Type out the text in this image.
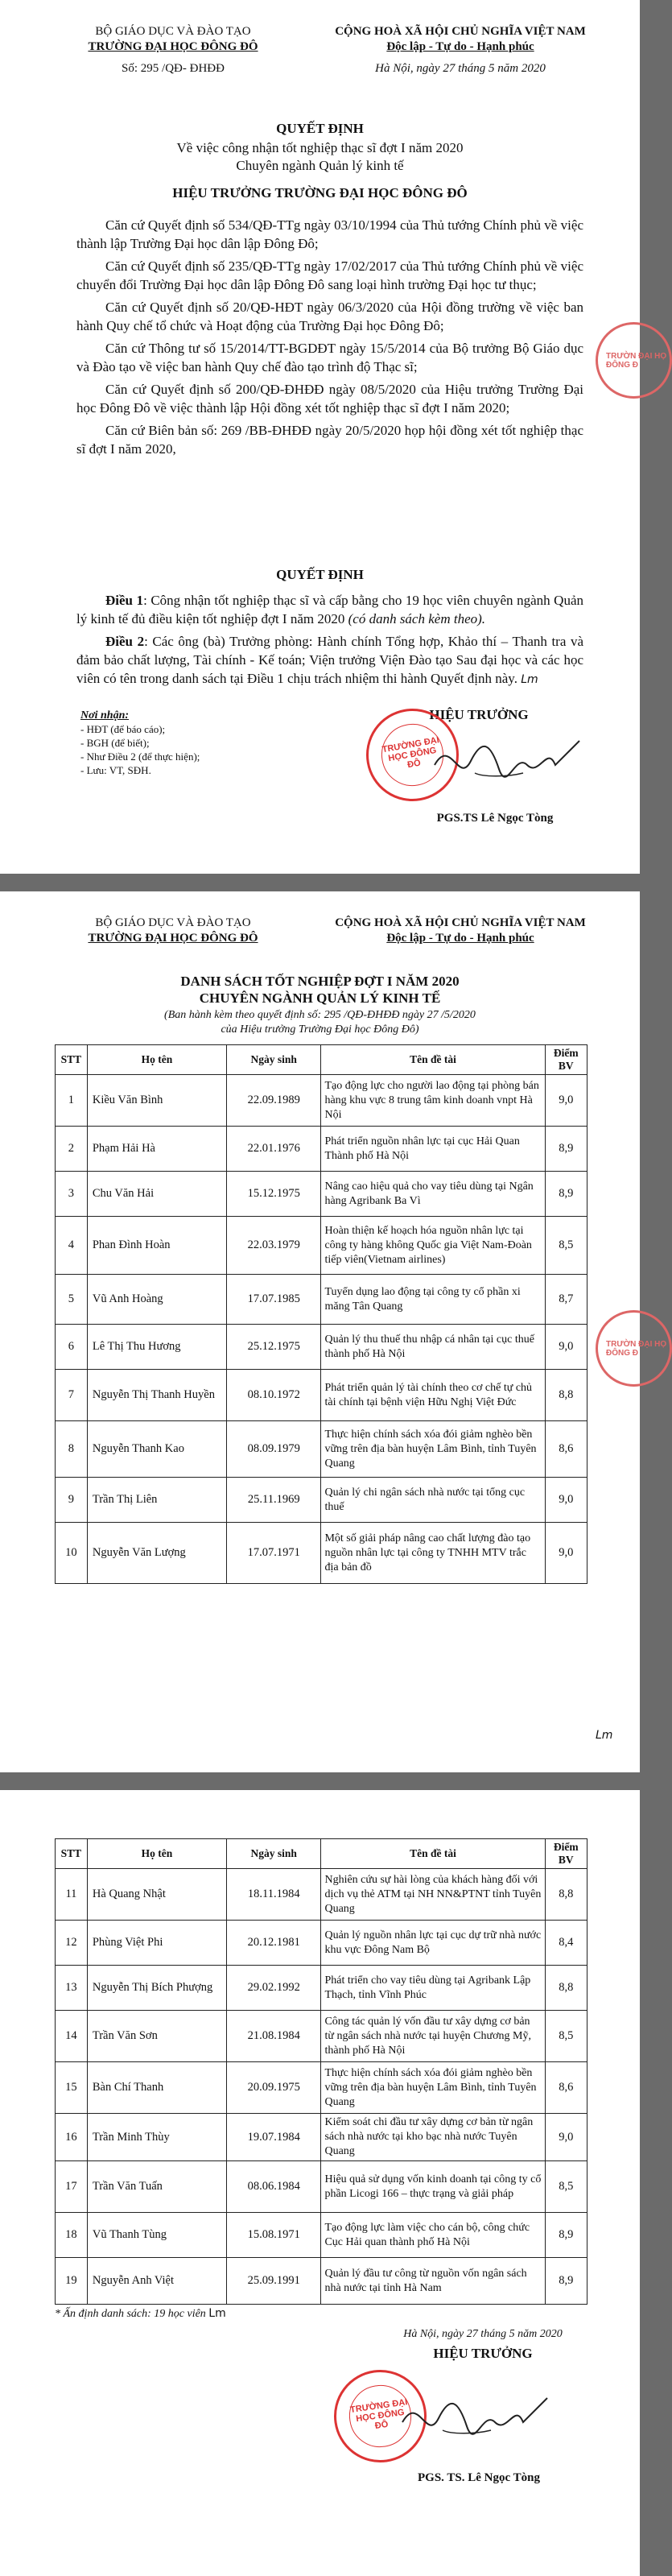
BỘ GIÁO DỤC VÀ ĐÀO TẠO
TRƯỜNG ĐẠI HỌC ĐÔNG ĐÔ
Số: 295 /QĐ- ĐHĐĐ
CỘNG HOÀ XÃ HỘI CHỦ NGHĨA VIỆT NAM
Độc lập - Tự do - Hạnh phúc
Hà Nội, ngày 27 tháng 5 năm 2020
QUYẾT ĐỊNH
Về việc công nhận tốt nghiệp thạc sĩ đợt I năm 2020
Chuyên ngành Quản lý kinh tế
HIỆU TRƯỞNG TRƯỜNG ĐẠI HỌC ĐÔNG ĐÔ

Căn cứ Quyết định số 534/QĐ-TTg ngày 03/10/1994 của Thủ tướng Chính phủ về việc thành lập Trường Đại học dân lập Đông Đô;

Căn cứ Quyết định số 235/QĐ-TTg ngày 17/02/2017 của Thủ tướng Chính phủ về việc chuyển đổi Trường Đại học dân lập Đông Đô sang loại hình trường Đại học tư thục;

Căn cứ Quyết định số 20/QĐ-HĐT ngày 06/3/2020 của Hội đồng trường về việc ban hành Quy chế tổ chức và Hoạt động của Trường Đại học Đông Đô;

Căn cứ Thông tư số 15/2014/TT-BGDĐT ngày 15/5/2014 của Bộ trưởng Bộ Giáo dục và Đào tạo về việc ban hành Quy chế đào tạo trình độ Thạc sĩ;

Căn cứ Quyết định số 200/QĐ-ĐHĐĐ ngày 08/5/2020 của Hiệu trưởng Trường Đại học Đông Đô về việc thành lập Hội đồng xét tốt nghiệp thạc sĩ đợt I năm 2020;

Căn cứ Biên bản số: 269 /BB-ĐHĐĐ ngày 20/5/2020 họp hội đồng xét tốt nghiệp thạc sĩ đợt I năm 2020,

QUYẾT ĐỊNH

Điều 1: Công nhận tốt nghiệp thạc sĩ và cấp bằng cho 19 học viên chuyên ngành Quản lý kinh tế đủ điều kiện tốt nghiệp đợt I năm 2020 (có danh sách kèm theo).

Điều 2: Các ông (bà) Trưởng phòng: Hành chính Tổng hợp, Khảo thí – Thanh tra và đảm bảo chất lượng, Tài chính - Kế toán; Viện trưởng Viện Đào tạo Sau đại học và các học viên có tên trong danh sách tại Điều 1 chịu trách nhiệm thi hành Quyết định này. Lm

Nơi nhận:
- HĐT (để báo cáo);
- BGH (để biết);
- Như Điều 2 (để thực hiện);
- Lưu: VT, SĐH.
HIỆU TRƯỞNG
TRƯỜNG ĐẠI HỌC ĐÔNG ĐÔ
PGS.TS Lê Ngọc Tòng
TRƯỜN ĐẠI HỌ ĐÔNG Đ
BỘ GIÁO DỤC VÀ ĐÀO TẠO
TRƯỜNG ĐẠI HỌC ĐÔNG ĐÔ
CỘNG HOÀ XÃ HỘI CHỦ NGHĨA VIỆT NAM
Độc lập - Tự do - Hạnh phúc
DANH SÁCH TỐT NGHIỆP ĐỢT I NĂM 2020
CHUYÊN NGÀNH QUẢN LÝ KINH TẾ
(Ban hành kèm theo quyết định số: 295 /QĐ-ĐHĐĐ ngày 27 /5/2020
của Hiệu trưởng Trường Đại học Đông Đô)
STT	Họ tên	Ngày sinh	Tên đề tài	Điểm BV
1	Kiều Văn Bình	22.09.1989	Tạo động lực cho người lao động tại phòng bán hàng khu vực 8 trung tâm kinh doanh vnpt Hà Nội	9,0
2	Phạm Hải Hà	22.01.1976	Phát triển nguồn nhân lực tại cục Hải Quan Thành phố Hà Nội	8,9
3	Chu Văn Hải	15.12.1975	Nâng cao hiệu quả cho vay tiêu dùng tại Ngân hàng Agribank Ba Vì	8,9
4	Phan Đình Hoàn	22.03.1979	Hoàn thiện kế hoạch hóa nguồn nhân lực tại công ty hàng không Quốc gia Việt Nam-Đoàn tiếp viên(Vietnam airlines)	8,5
5	Vũ Anh Hoàng	17.07.1985	Tuyển dụng lao động tại công ty cổ phần xi măng Tân Quang	8,7
6	Lê Thị Thu Hương	25.12.1975	Quản lý thu thuế thu nhập cá nhân tại cục thuế thành phố Hà Nội	9,0
7	Nguyễn Thị Thanh Huyền	08.10.1972	Phát triển quản lý tài chính theo cơ chế tự chủ tài chính tại bệnh viện Hữu Nghị Việt Đức	8,8
8	Nguyễn Thanh Kao	08.09.1979	Thực hiện chính sách xóa đói giảm nghèo bền vững trên địa bàn huyện Lâm Bình, tỉnh Tuyên Quang	8,6
9	Trần Thị Liên	25.11.1969	Quản lý chi ngân sách nhà nước tại tổng cục thuế	9,0
10	Nguyễn Văn Lượng	17.07.1971	Một số giải pháp nâng cao chất lượng đào tạo nguồn nhân lực tại công ty TNHH MTV trắc địa bản đồ	9,0
TRƯỜN ĐẠI HỌ ĐÔNG Đ
Lm
STT	Họ tên	Ngày sinh	Tên đề tài	Điểm BV
11	Hà Quang Nhật	18.11.1984	Nghiên cứu sự hài lòng của khách hàng đối với dịch vụ thẻ ATM tại NH NN&PTNT tỉnh Tuyên Quang	8,8
12	Phùng Việt Phi	20.12.1981	Quản lý nguồn nhân lực tại cục dự trữ nhà nước khu vực Đông Nam Bộ	8,4
13	Nguyễn Thị Bích Phượng	29.02.1992	Phát triển cho vay tiêu dùng tại Agribank Lập Thạch, tỉnh Vĩnh Phúc	8,8
14	Trần Văn Sơn	21.08.1984	Công tác quản lý vốn đầu tư xây dựng cơ bản từ ngân sách nhà nước tại huyện Chương Mỹ, thành phố Hà Nội	8,5
15	Bàn Chí Thanh	20.09.1975	Thực hiện chính sách xóa đói giảm nghèo bền vững trên địa bàn huyện Lâm Bình, tỉnh Tuyên Quang	8,6
16	Trần Minh Thùy	19.07.1984	Kiểm soát chi đầu tư xây dựng cơ bản từ ngân sách nhà nước tại kho bạc nhà nước Tuyên Quang	9,0
17	Trần Văn Tuấn	08.06.1984	Hiệu quả sử dụng vốn kinh doanh tại công ty cổ phần Licogi 166 – thực trạng và giải pháp	8,5
18	Vũ Thanh Tùng	15.08.1971	Tạo động lực làm việc cho cán bộ, công chức Cục Hải quan thành phố Hà Nội	8,9
19	Nguyễn Anh Việt	25.09.1991	Quản lý đầu tư công từ nguồn vốn ngân sách nhà nước tại tỉnh Hà Nam	8,9
* Ấn định danh sách: 19 học viên Lm
Hà Nội, ngày 27 tháng 5 năm 2020
HIỆU TRƯỞNG
TRƯỜNG ĐẠI HỌC ĐÔNG ĐÔ
PGS. TS. Lê Ngọc Tòng
